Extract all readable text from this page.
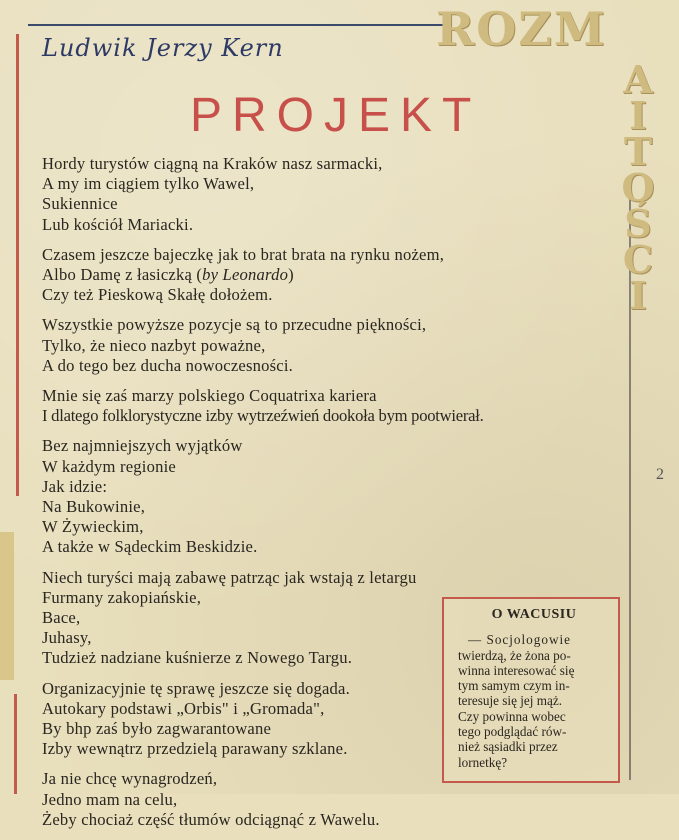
ROZM
A
I
T
O
Ś
C
I
Ludwik Jerzy Kern
PROJEKT
Hordy turystów ciągną na Kraków nasz sarmacki,
A my im ciągiem tylko Wawel,
Sukiennice
Lub kościół Mariacki.
Czasem jeszcze bajeczkę jak to brat brata na rynku nożem,
Albo Damę z łasiczką (by Leonardo)
Czy też Pieskową Skałę dołożem.
Wszystkie powyższe pozycje są to przecudne piękności,
Tylko, że nieco nazbyt poważne,
A do tego bez ducha nowoczesności.
Mnie się zaś marzy polskiego Coquatrixa kariera
I dlatego folklorystyczne izby wytrzeźwień dookoła bym pootwierał.
Bez najmniejszych wyjątków
W każdym regionie
Jak idzie:
Na Bukowinie,
W Żywieckim,
A także w Sądeckim Beskidzie.
Niech turyści mają zabawę patrząc jak wstają z letargu
Furmany zakopiańskie,
Bace,
Juhasy,
Tudzież nadziane kuśnierze z Nowego Targu.
Organizacyjnie tę sprawę jeszcze się dogada.
Autokary podstawi „Orbis" i „Gromada",
By bhp zaś było zagwarantowane
Izby wewnątrz przedzielą parawany szklane.
Ja nie chcę wynagrodzeń,
Jedno mam na celu,
Żeby chociaż część tłumów odciągnąć z Wawelu.
2
O WACUSIU
— Socjologowie
twierdzą, że żona po-
winna interesować się
tym samym czym in-
teresuje się jej mąż.
Czy powinna wobec
tego podglądać rów-
nież sąsiadki przez
lornetkę?
